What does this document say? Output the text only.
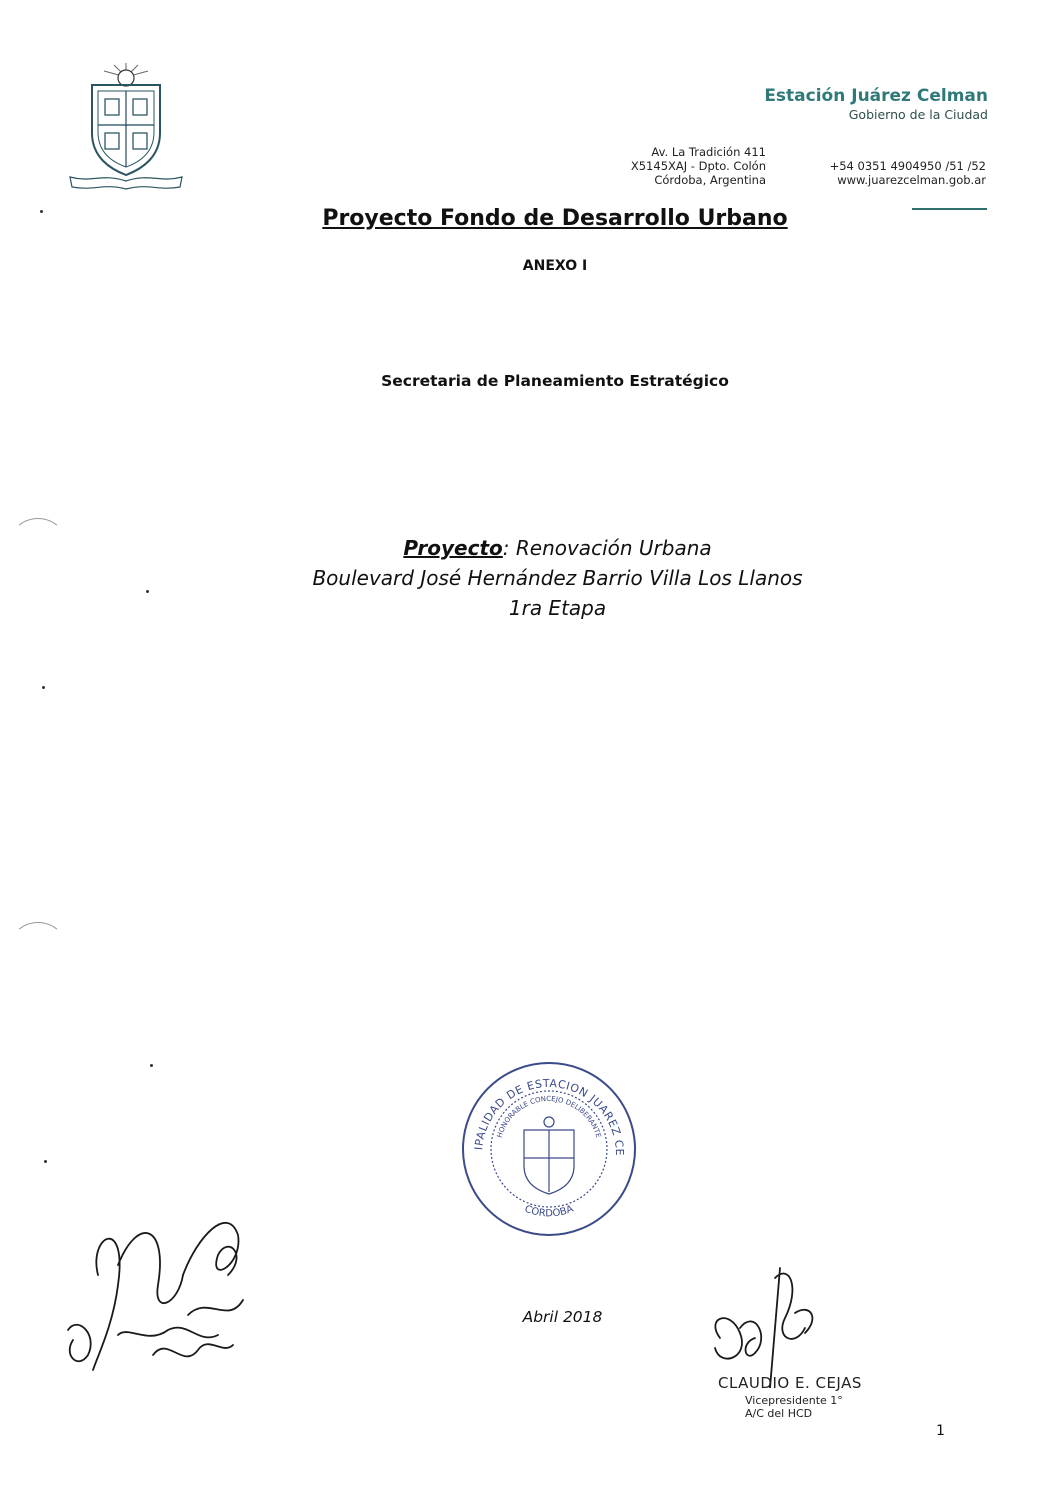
Estación Juárez Celman
Gobierno de la Ciudad
Av. La Tradición 411
X5145XAJ - Dpto. Colón
Córdoba, Argentina
+54 0351 4904950 /51 /52
www.juarezcelman.gob.ar
Proyecto Fondo de Desarrollo Urbano
ANEXO I
Secretaria de Planeamiento Estratégico
Proyecto: Renovación Urbana
Boulevard José Hernández Barrio Villa Los Llanos
1ra Etapa
IPALIDAD DE ESTACION JUAREZ CE
HONORABLE CONCEJO DELIBERANTE
CORDOBA
Abril 2018
CLAUDIO E. CEJAS
Vicepresidente 1°
A/C del HCD
1
